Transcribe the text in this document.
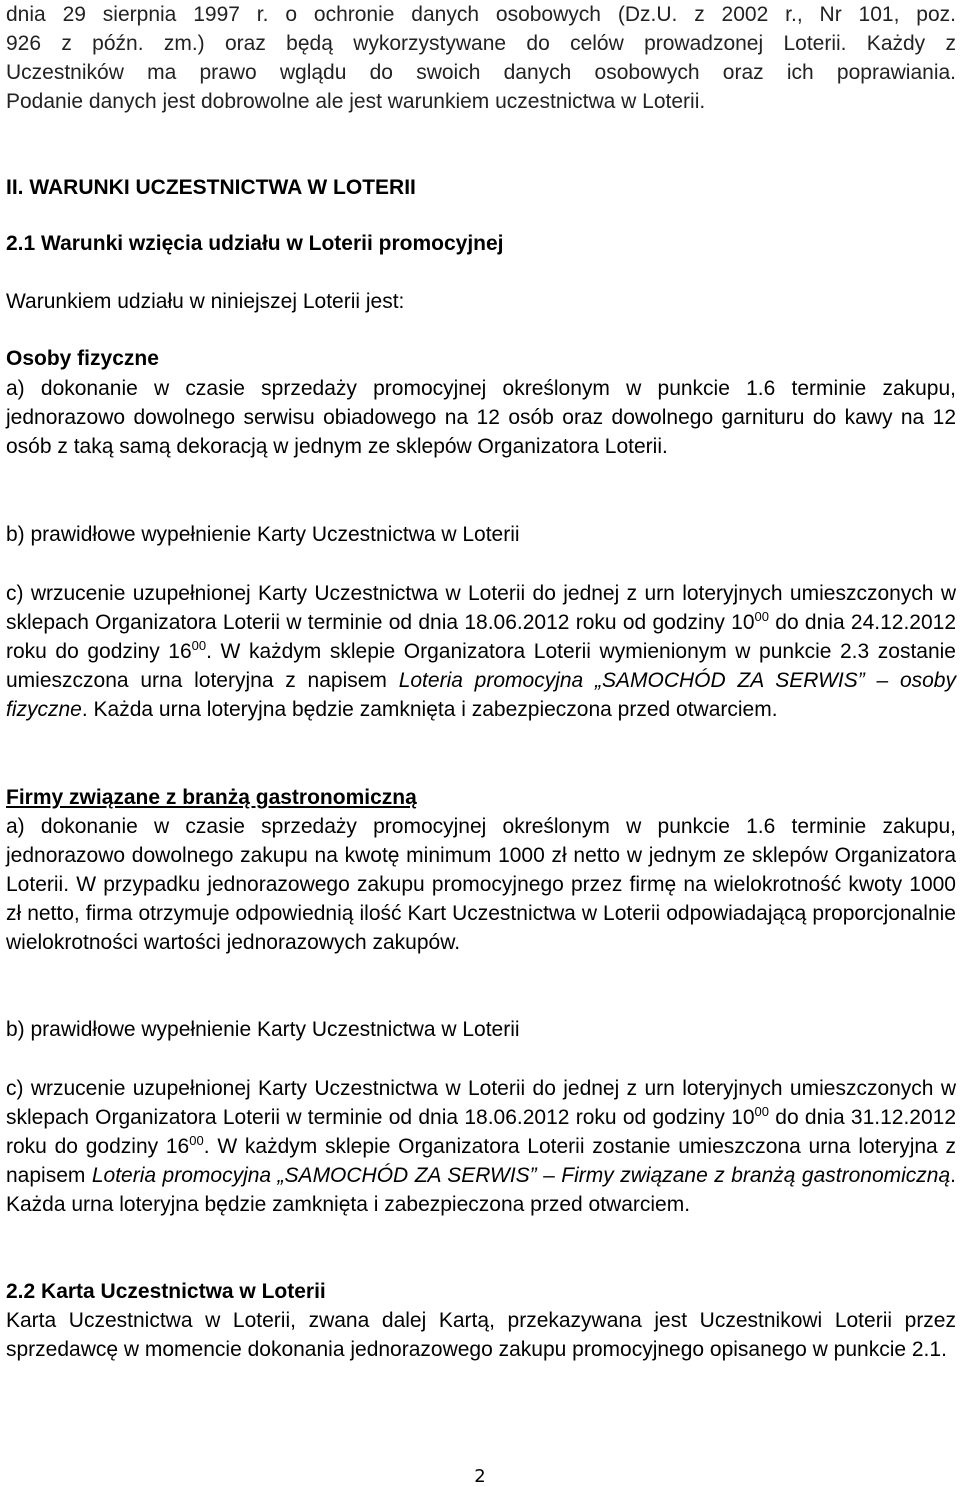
dnia 29 sierpnia 1997 r. o ochronie danych osobowych (Dz.U. z 2002 r., Nr 101, poz.

926 z późn. zm.) oraz będą wykorzystywane do celów prowadzonej Loterii. Każdy z

Uczestników ma prawo wglądu do swoich danych osobowych oraz ich poprawiania.

Podanie danych jest dobrowolne ale jest warunkiem uczestnictwa w Loterii.

II. WARUNKI UCZESTNICTWA W LOTERII

2.1 Warunki wzięcia udziału w Loterii promocyjnej

Warunkiem udziału w niniejszej Loterii jest:

Osoby fizyczne

a) dokonanie w czasie sprzedaży promocyjnej określonym w punkcie 1.6 terminie zakupu, jednorazowo dowolnego serwisu obiadowego na 12 osób oraz dowolnego garnituru do kawy na 12 osób z taką samą dekoracją w jednym ze sklepów Organizatora Loterii.

b) prawidłowe wypełnienie Karty Uczestnictwa w Loterii

c) wrzucenie uzupełnionej Karty Uczestnictwa w Loterii do jednej z urn loteryjnych umieszczonych w sklepach Organizatora Loterii w terminie od dnia 18.06.2012 roku od godziny $10^{00}$ do dnia 24.12.2012 roku do godziny $16^{00}$. W każdym sklepie Organizatora Loterii wymienionym w punkcie 2.3 zostanie umieszczona urna loteryjna z napisem Loteria promocyjna „SAMOCHÓD ZA SERWIS” – osoby fizyczne. Każda urna loteryjna będzie zamknięta i zabezpieczona przed otwarciem.

Firmy związane z branżą gastronomiczną

a) dokonanie w czasie sprzedaży promocyjnej określonym w punkcie 1.6 terminie zakupu, jednorazowo dowolnego zakupu na kwotę minimum 1000 zł netto w jednym ze sklepów Organizatora Loterii. W przypadku jednorazowego zakupu promocyjnego przez firmę na wielokrotność kwoty 1000 zł netto, firma otrzymuje odpowiednią ilość Kart Uczestnictwa w Loterii odpowiadającą proporcjonalnie wielokrotności wartości jednorazowych zakupów.

b) prawidłowe wypełnienie Karty Uczestnictwa w Loterii

c) wrzucenie uzupełnionej Karty Uczestnictwa w Loterii do jednej z urn loteryjnych umieszczonych w sklepach Organizatora Loterii w terminie od dnia 18.06.2012 roku od godziny $10^{00}$ do dnia 31.12.2012 roku do godziny $16^{00}$. W każdym sklepie Organizatora Loterii zostanie umieszczona urna loteryjna z napisem Loteria promocyjna „SAMOCHÓD ZA SERWIS” – Firmy związane z branżą gastronomiczną. Każda urna loteryjna będzie zamknięta i zabezpieczona przed otwarciem.

2.2 Karta Uczestnictwa w Loterii

Karta Uczestnictwa w Loterii, zwana dalej Kartą, przekazywana jest Uczestnikowi Loterii przez sprzedawcę w momencie dokonania jednorazowego zakupu promocyjnego opisanego w punkcie 2.1.

2
